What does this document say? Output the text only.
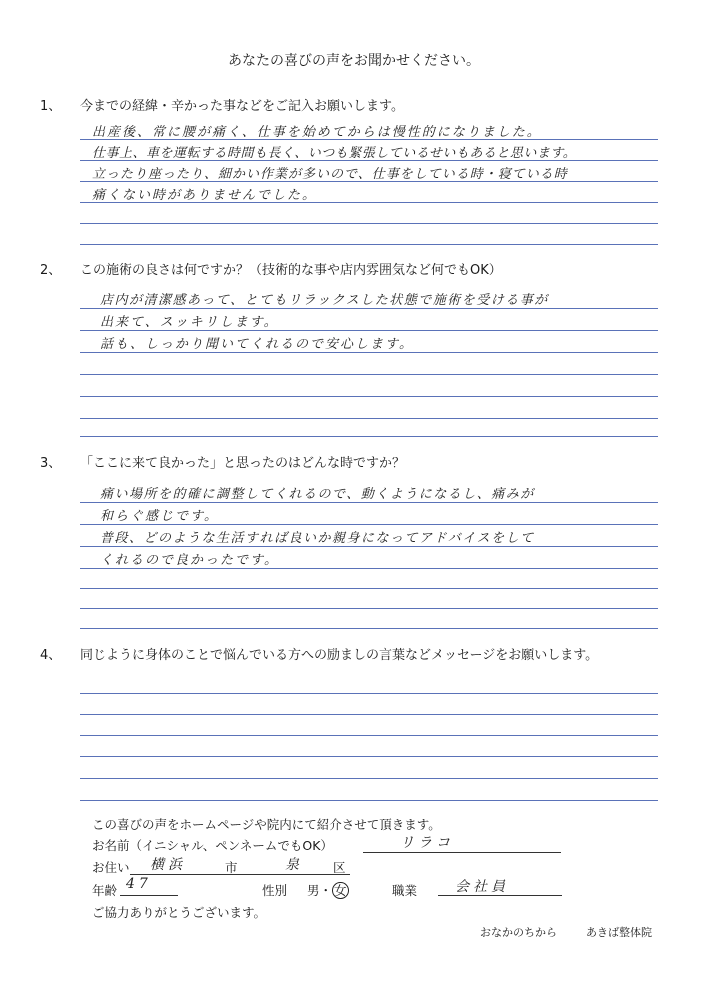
あなたの喜びの声をお聞かせください。
1、 今までの経緯・辛かった事などをご記入お願いします。
出産後、常に腰が痛く、仕事を始めてからは慢性的になりました。
仕事上、車を運転する時間も長く、いつも緊張しているせいもあると思います。
立ったり座ったり、細かい作業が多いので、仕事をしている時・寝ている時
痛くない時がありませんでした。
2、 この施術の良さは何ですか？（技術的な事や店内雰囲気など何でもOK）
店内が清潔感あって、とてもリラックスした状態で施術を受ける事が
出来て、スッキリします。
話も、しっかり聞いてくれるので安心します。
3、 「ここに来て良かった」と思ったのはどんな時ですか？
痛い場所を的確に調整してくれるので、動くようになるし、痛みが
和らぐ感じです。
普段、どのような生活すれば良いか親身になってアドバイスをして
くれるので良かったです。
4、 同じように身体のことで悩んでいる方への励ましの言葉などメッセージをお願いします。
この喜びの声をホームページや院内にて紹介させて頂きます。
お名前（イニシャル、ペンネームでもOK）	リラコ
お住い 横浜	市	泉 区
年齢 47	性別 男・ 女	職業	会社員
ご協力ありがとうございます。
おなかのちから	あきば整体院
